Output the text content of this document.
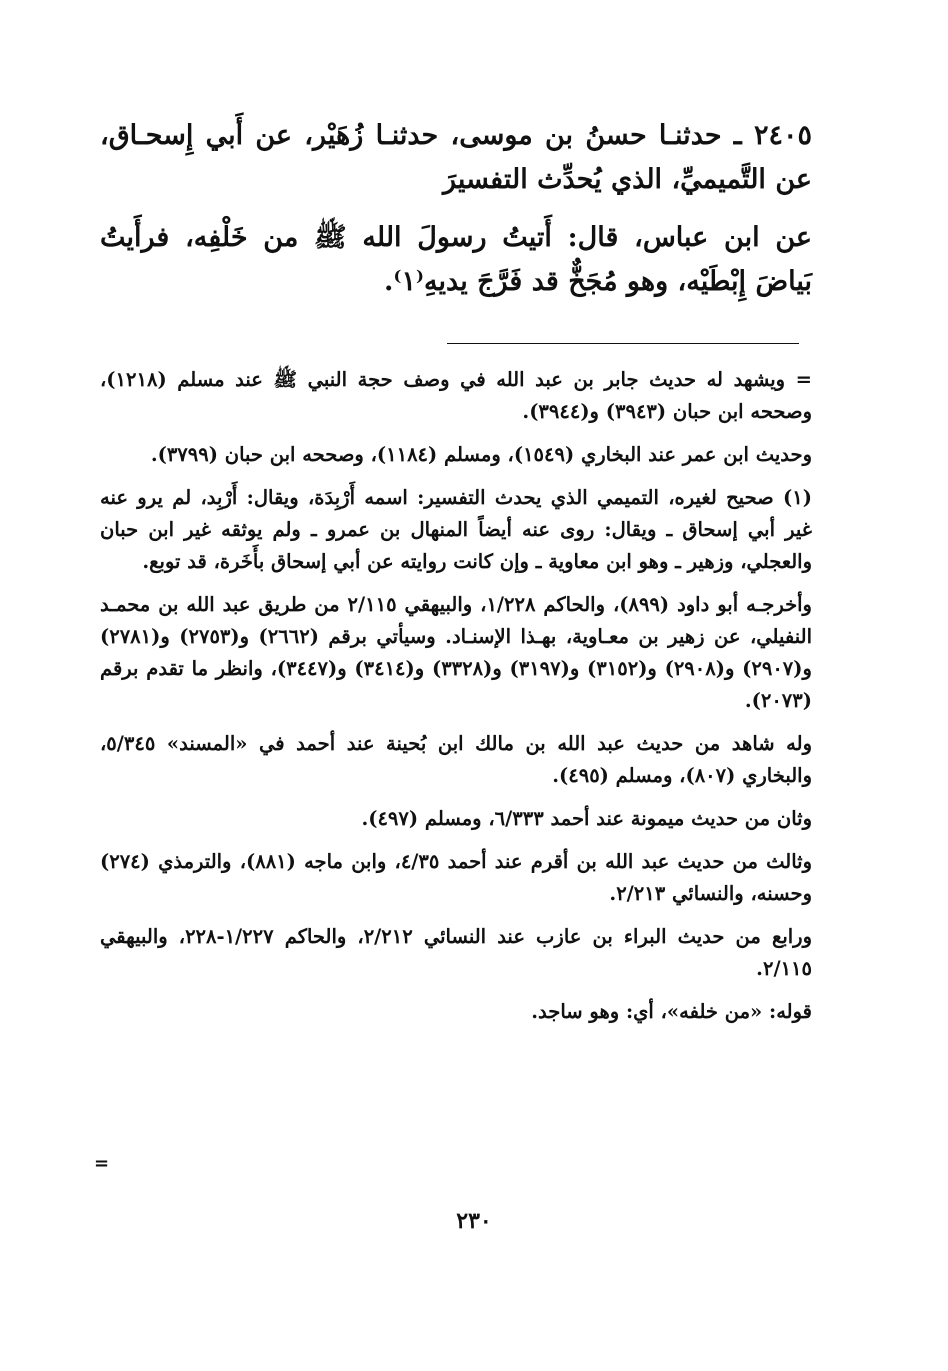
٢٤٠٥ ـ حدثنـا حسنُ بن موسى، حدثنـا زُهَيْر، عن أَبي إِسحـاق، عن التَّميميِّ، الذي يُحدِّث التفسيرَ

عن ابن عباس، قال: أَتيتُ رسولَ الله ﷺ من خَلْفِه، فرأَيتُ بَياضَ إِبْطَيْه، وهو مُجَخٌّ قد فَرَّجَ يديهِ⁽١⁾.

= ويشهد له حديث جابر بن عبد الله في وصف حجة النبي ﷺ عند مسلم (١٢١٨)، وصححه ابن حبان (٣٩٤٣) و(٣٩٤٤).

وحديث ابن عمر عند البخاري (١٥٤٩)، ومسلم (١١٨٤)، وصححه ابن حبان (٣٧٩٩).

(١) صحيح لغيره، التميمي الذي يحدث التفسير: اسمه أَرْبِدَة، ويقال: أَرْبِد، لم يرو عنه غير أبي إسحاق ـ ويقال: روى عنه أيضاً المنهال بن عمرو ـ ولم يوثقه غير ابن حبان والعجلي، وزهير ـ وهو ابن معاوية ـ وإن كانت روايته عن أبي إسحاق بأَخَرة، قد توبع.

وأخرجـه أبو داود (٨٩٩)، والحاكم ١/٢٢٨، والبيهقي ٢/١١٥ من طريق عبد الله بن محمـد النفيلي، عن زهير بن معـاوية، بهـذا الإسنـاد. وسيأتي برقم (٢٦٦٢) و(٢٧٥٣) و(٢٧٨١) و(٢٩٠٧) و(٢٩٠٨) و(٣١٥٢) و(٣١٩٧) و(٣٣٢٨) و(٣٤١٤) و(٣٤٤٧)، وانظر ما تقدم برقم (٢٠٧٣).

وله شاهد من حديث عبد الله بن مالك ابن بُحينة عند أحمد في «المسند» ٥/٣٤٥، والبخاري (٨٠٧)، ومسلم (٤٩٥).

وثان من حديث ميمونة عند أحمد ٦/٣٣٣، ومسلم (٤٩٧).

وثالث من حديث عبد الله بن أقرم عند أحمد ٤/٣٥، وابن ماجه (٨٨١)، والترمذي (٢٧٤) وحسنه، والنسائي ٢/٢١٣.

ورابع من حديث البراء بن عازب عند النسائي ٢/٢١٢، والحاكم ١/٢٢٧-٢٢٨، والبيهقي ٢/١١٥.

قوله: «من خلفه»، أي: وهو ساجد.

=
٢٣٠
